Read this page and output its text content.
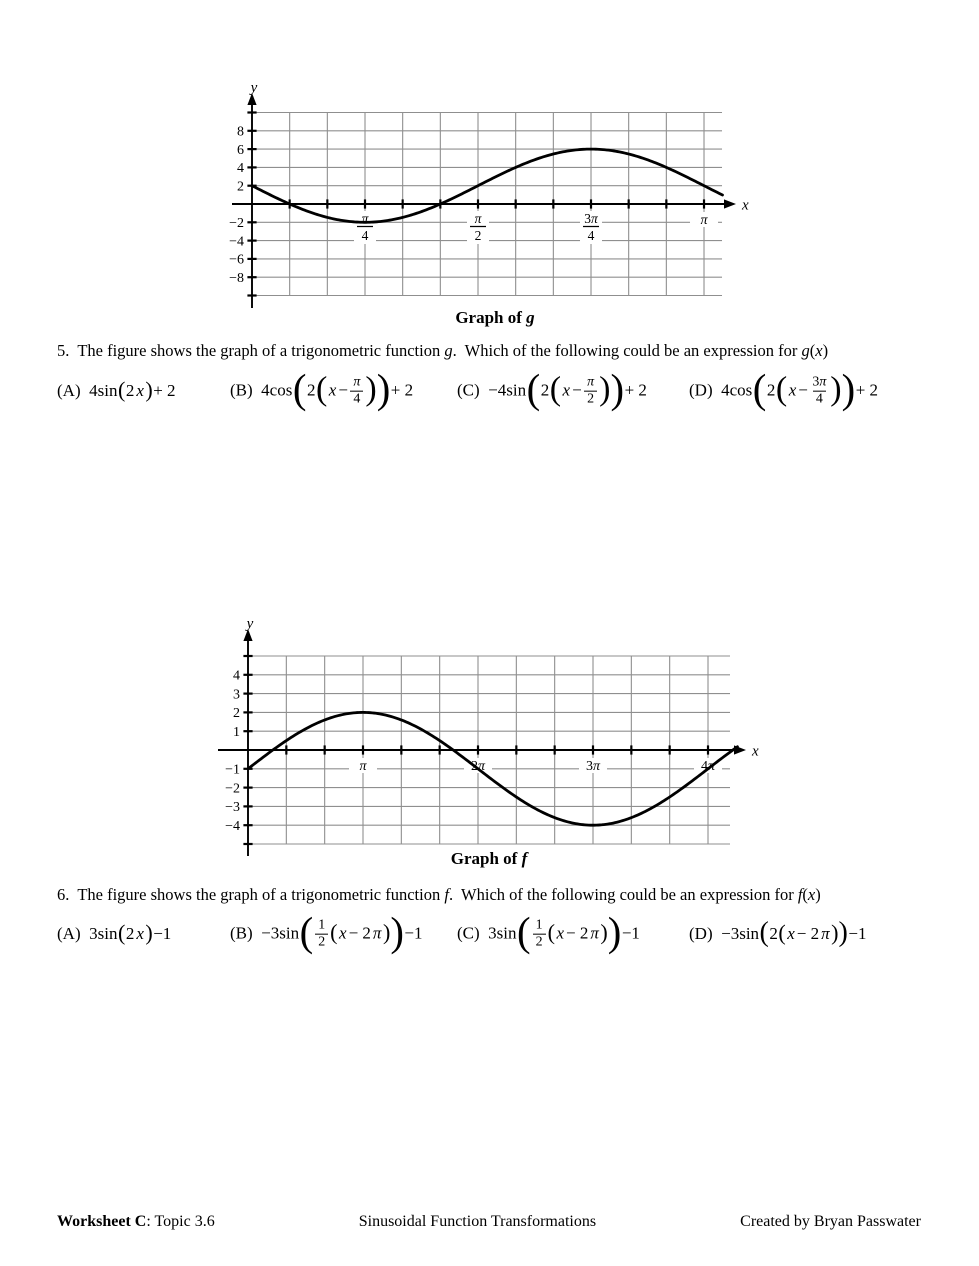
π
4
π
2
3π
4
π
8
6
4
2
−2
−4
−6
−8
x
y
Graph of g
5.  The figure shows the graph of a trigonometric function g.  Which of the following could be an expression for g(x)
(A) 4sin ( 2 x ) + 2	(B) 4cos ( 2 ( $x - \frac{\pi}{4}$ ) ) + 2	(C) −4sin ( 2 ( $x - \frac{\pi}{2}$ ) ) + 2 (D) 4cos ( 2 ( $x - \frac{3\pi}{4}$ ) ) + 2
π	2π	3π	4π
4
3
2
1
−1
−2
−3
−4
x
y
Graph of f
6.  The figure shows the graph of a trigonometric function f.  Which of the following could be an expression for f(x)
(A) 3sin ( 2 x ) −1	(B) −3sin ( $\frac{1}{2}$ ( x − 2 π ) ) −1 (C) 3sin ( $\frac{1}{2}$ ( x − 2 π ) ) −1	(D) −3sin ( 2 ( x − 2 π ) ) −1
Worksheet C: Topic 3.6	Sinusoidal Function Transformations	Created by Bryan Passwater
